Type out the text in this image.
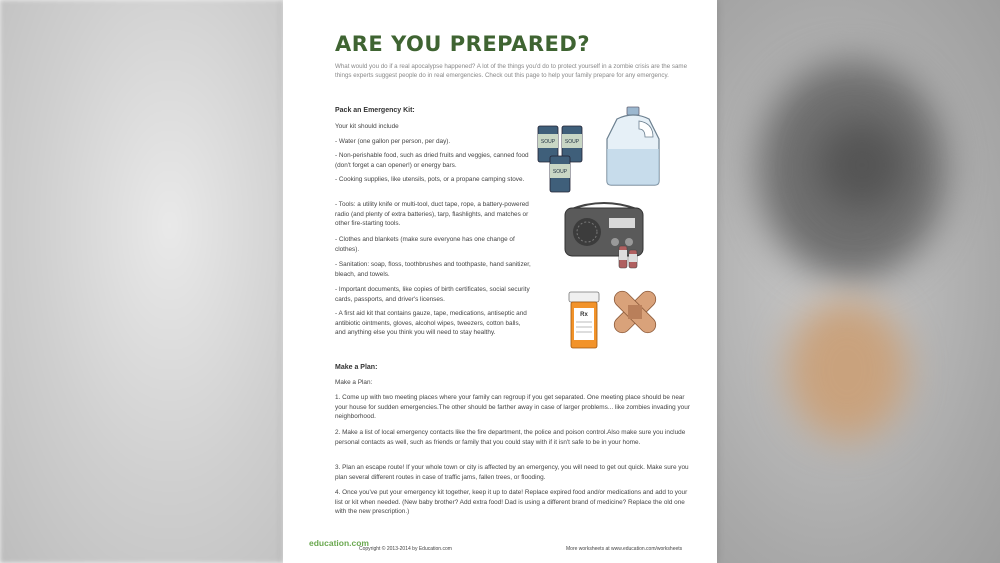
ARE YOU PREPARED?
What would you do if a real apocalypse happened? A lot of the things you'd do to protect yourself in a zombie crisis are the same things experts suggest people do in real emergencies. Check out this page to help your family prepare for any emergency.
Pack an Emergency Kit:
Your kit should include
- Water (one gallon per person, per day).
- Non-perishable food, such as dried fruits and veggies, canned food (don't forget a can opener!) or energy bars.
- Cooking supplies, like utensils, pots, or a propane camping stove.
- Tools: a utility knife or multi-tool, duct tape, rope, a battery-powered radio (and plenty of extra batteries), tarp, flashlights, and matches or other fire-starting tools.
- Clothes and blankets (make sure everyone has one change of clothes).
- Sanitation: soap, floss, toothbrushes and toothpaste, hand sanitizer, bleach, and towels.
- Important documents, like copies of birth certificates, social security cards, passports, and driver's licenses.
- A first aid kit that contains gauze, tape, medications, antiseptic and antibiotic ointments, gloves, alcohol wipes, tweezers, cotton balls, and anything else you think you will need to stay healthy.
Make a Plan:
Make a Plan:
1. Come up with two meeting places where your family can regroup if you get separated. One meeting place should be near your house for sudden emergencies.The other should be farther away in case of larger problems... like zombies invading your neighborhood.
2. Make a list of local emergency contacts like the fire department, the police and poison control.Also make sure you include personal contacts as well, such as friends or family that you could stay with if it isn't safe to be in your home.
3. Plan an escape route! If your whole town or city is affected by an emergency, you will need to get out quick. Make sure you plan several different routes in case of traffic jams, fallen trees, or flooding.
4. Once you've put your emergency kit together, keep it up to date! Replace expired food and/or medications and add to your list or kit when needed. (New baby brother? Add extra food! Dad is using a different brand of medicine? Replace the old one with the new prescription.)
SOUP SOUP
SOUP
Rx
education.com
Copyright © 2013-2014 by Education.com	More worksheets at www.education.com/worksheets
